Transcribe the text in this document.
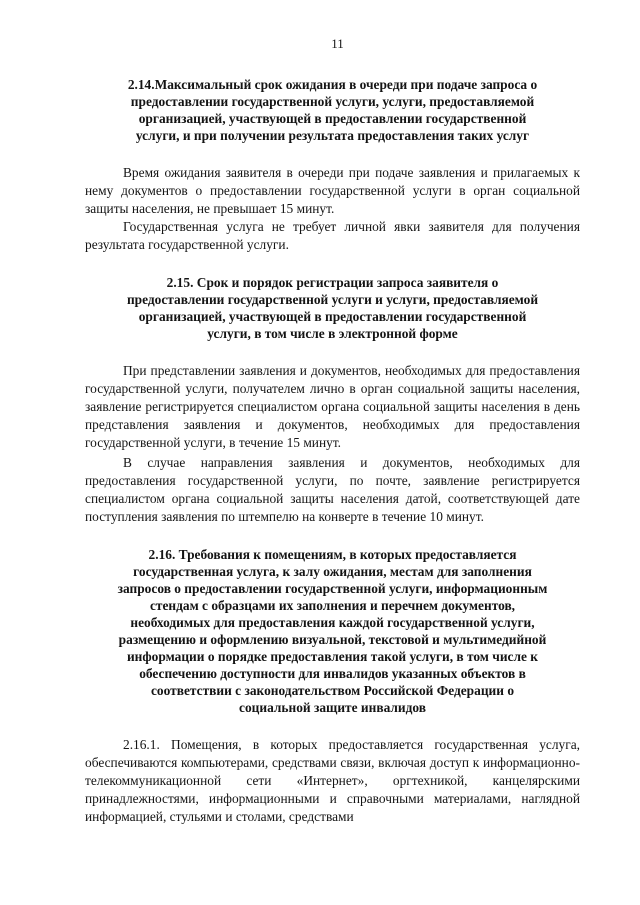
11
2.14.Максимальный срок ожидания в очереди при подаче запроса о
предоставлении государственной услуги, услуги, предоставляемой
организацией, участвующей в предоставлении государственной
услуги, и при получении результата предоставления таких услуг

Время ожидания заявителя в очереди при подаче заявления и прилагаемых к нему документов о предоставлении государственной услуги в орган социальной защиты населения, не превышает 15 минут.

Государственная услуга не требует личной явки заявителя для получения результата государственной услуги.

2.15. Срок и порядок регистрации запроса заявителя о
предоставлении государственной услуги и услуги, предоставляемой
организацией, участвующей в предоставлении государственной
услуги, в том числе в электронной форме

При представлении заявления и документов, необходимых для предоставления государственной услуги, получателем лично в орган социальной защиты населения, заявление регистрируется специалистом органа социальной защиты населения в день представления заявления и документов, необходимых для предоставления государственной услуги, в течение 15 минут.

В случае направления заявления и документов, необходимых для предоставления государственной услуги, по почте, заявление регистрируется специалистом органа социальной защиты населения датой, соответствующей дате поступления заявления по штемпелю на конверте в течение 10 минут.

2.16. Требования к помещениям, в которых предоставляется
государственная услуга, к залу ожидания, местам для заполнения
запросов о предоставлении государственной услуги, информационным
стендам с образцами их заполнения и перечнем документов,
необходимых для предоставления каждой государственной услуги,
размещению и оформлению визуальной, текстовой и мультимедийной
информации о порядке предоставления такой услуги, в том числе к
обеспечению доступности для инвалидов указанных объектов в
соответствии с законодательством Российской Федерации о
социальной защите инвалидов

2.16.1. Помещения, в которых предоставляется государственная услуга, обеспечиваются компьютерами, средствами связи, включая доступ к информационно-телекоммуникационной сети «Интернет», оргтехникой, канцелярскими принадлежностями, информационными и справочными материалами, наглядной информацией, стульями и столами, средствами
